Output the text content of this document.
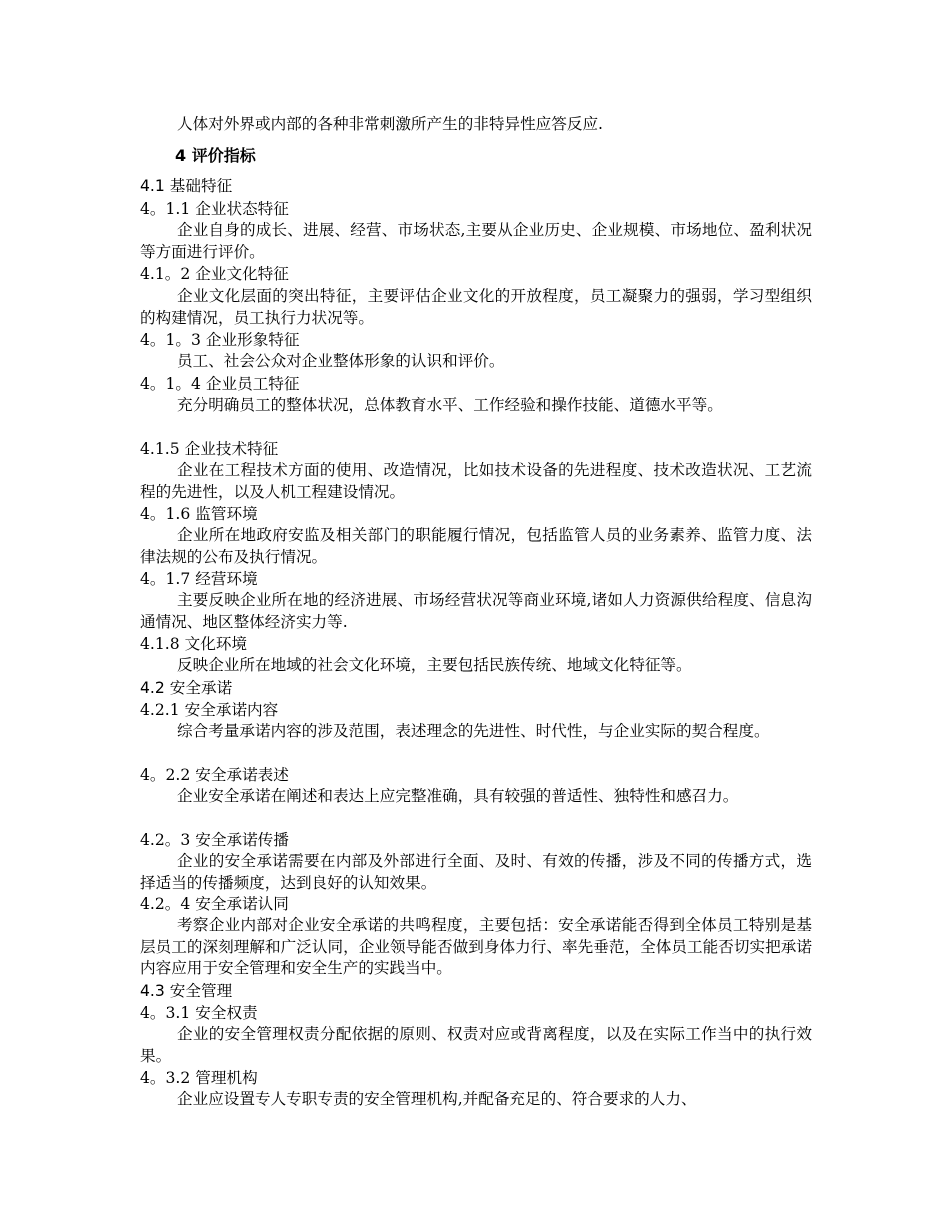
人体对外界或内部的各种非常刺激所产生的非特异性应答反应.
4 评价指标
4.1 基础特征
4。1.1 企业状态特征
企业自身的成长、进展、经营、市场状态,主要从企业历史、企业规模、市场地位、盈利状况等方面进行评价。
4.1。2 企业文化特征
企业文化层面的突出特征，主要评估企业文化的开放程度，员工凝聚力的强弱，学习型组织的构建情况，员工执行力状况等。
4。1。3 企业形象特征
员工、社会公众对企业整体形象的认识和评价。
4。1。4 企业员工特征
充分明确员工的整体状况，总体教育水平、工作经验和操作技能、道德水平等。
4.1.5 企业技术特征
企业在工程技术方面的使用、改造情况，比如技术设备的先进程度、技术改造状况、工艺流程的先进性，以及人机工程建设情况。
4。1.6 监管环境
企业所在地政府安监及相关部门的职能履行情况，包括监管人员的业务素养、监管力度、法律法规的公布及执行情况。
4。1.7 经营环境
主要反映企业所在地的经济进展、市场经营状况等商业环境,诸如人力资源供给程度、信息沟通情况、地区整体经济实力等.
4.1.8 文化环境
反映企业所在地域的社会文化环境，主要包括民族传统、地域文化特征等。
4.2 安全承诺
4.2.1 安全承诺内容
综合考量承诺内容的涉及范围，表述理念的先进性、时代性，与企业实际的契合程度。
4。2.2 安全承诺表述
企业安全承诺在阐述和表达上应完整准确，具有较强的普适性、独特性和感召力。
4.2。3 安全承诺传播
企业的安全承诺需要在内部及外部进行全面、及时、有效的传播，涉及不同的传播方式，选择适当的传播频度，达到良好的认知效果。
4.2。4 安全承诺认同
考察企业内部对企业安全承诺的共鸣程度，主要包括：安全承诺能否得到全体员工特别是基层员工的深刻理解和广泛认同，企业领导能否做到身体力行、率先垂范，全体员工能否切实把承诺内容应用于安全管理和安全生产的实践当中。
4.3 安全管理
4。3.1 安全权责
企业的安全管理权责分配依据的原则、权责对应或背离程度，以及在实际工作当中的执行效果。
4。3.2 管理机构
企业应设置专人专职专责的安全管理机构,并配备充足的、符合要求的人力、
